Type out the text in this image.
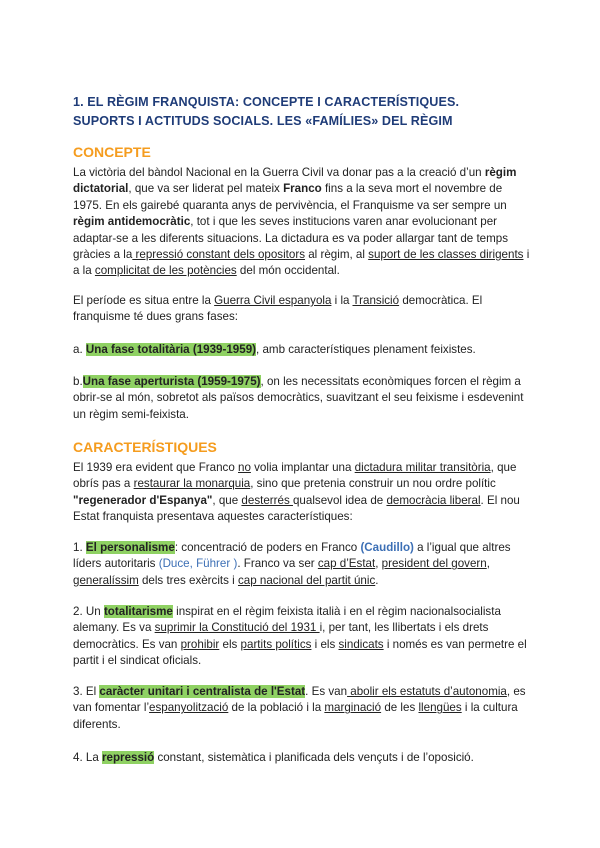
1. EL RÈGIM FRANQUISTA: CONCEPTE I CARACTERÍSTIQUES.
SUPORTS I ACTITUDS SOCIALS. LES «FAMÍLIES» DEL RÈGIM
CONCEPTE

La victòria del bàndol Nacional en la Guerra Civil va donar pas a la creació d’un règim dictatorial, que va ser liderat pel mateix Franco fins a la seva mort el novembre de 1975. En els gairebé quaranta anys de pervivència, el Franquisme va ser sempre un règim antidemocràtic, tot i que les seves institucions varen anar evolucionant per adaptar-se a les diferents situacions. La dictadura es va poder allargar tant de temps gràcies a la repressió constant dels opositors al règim, al suport de les classes dirigents i a la complicitat de les potències del món occidental.

El període es situa entre la Guerra Civil espanyola i la Transició democràtica. El franquisme té dues grans fases:

a. Una fase totalitària (1939-1959), amb característiques plenament feixistes.

b.Una fase aperturista (1959-1975), on les necessitats econòmiques forcen el règim a obrir-se al món, sobretot als països democràtics, suavitzant el seu feixisme i esdevenint un règim semi-feixista.

CARACTERÍSTIQUES

El 1939 era evident que Franco no volia implantar una dictadura militar transitòria, que obrís pas a restaurar la monarquia, sino que pretenia construir un nou ordre polític "regenerador d'Espanya", que desterrés qualsevol idea de democràcia liberal. El nou Estat franquista presentava aquestes característiques:

1. El personalisme: concentració de poders en Franco (Caudillo) a l’igual que altres líders autoritaris (Duce, Führer ). Franco va ser cap d’Estat, president del govern, generalíssim dels tres exèrcits i cap nacional del partit únic.

2. Un totalitarisme inspirat en el règim feixista italià i en el règim nacionalsocialista alemany. Es va suprimir la Constitució del 1931 i, per tant, les llibertats i els drets democràtics. Es van prohibir els partits polítics i els sindicats i només es van permetre el partit i el sindicat oficials.

3. El caràcter unitari i centralista de l'Estat. Es van abolir els estatuts d’autonomia, es van fomentar l’espanyolització de la població i la marginació de les llengües i la cultura diferents.

4. La repressió constant, sistemàtica i planificada dels vençuts i de l’oposició.
